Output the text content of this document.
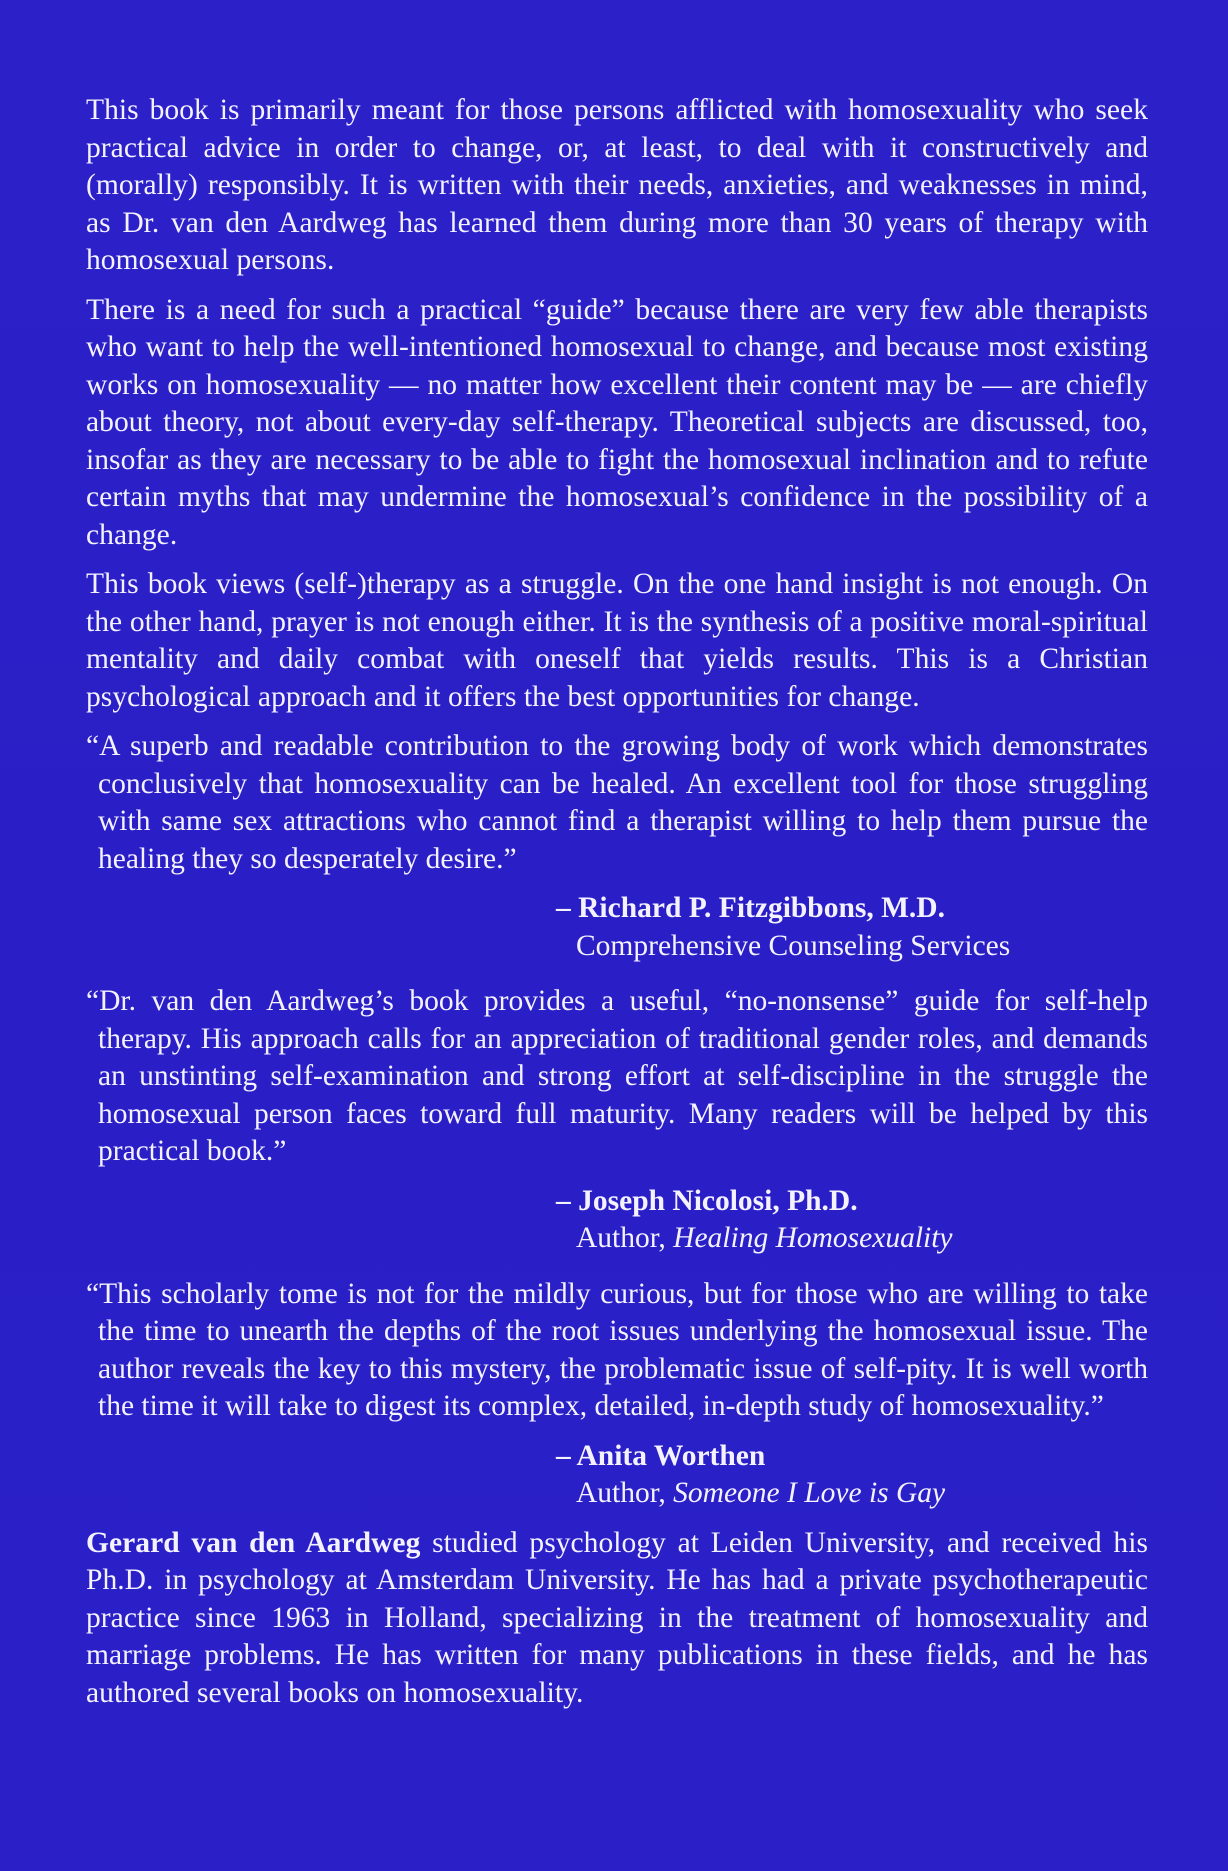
This book is primarily meant for those persons afflicted with homosexuality who seek practical advice in order to change, or, at least, to deal with it constructively and (morally) responsibly. It is written with their needs, anxieties, and weaknesses in mind, as Dr. van den Aardweg has learned them during more than 30 years of therapy with homosexual persons.

There is a need for such a practical “guide” because there are very few able therapists who want to help the well-intentioned homosexual to change, and because most existing works on homosexuality — no matter how excellent their content may be — are chiefly about theory, not about every-day self-therapy. Theoretical subjects are discussed, too, insofar as they are necessary to be able to fight the homosexual inclination and to refute certain myths that may undermine the homosexual’s confidence in the possibility of a change.

This book views (self-)therapy as a struggle. On the one hand insight is not enough. On the other hand, prayer is not enough either. It is the synthesis of a positive moral-spiritual mentality and daily combat with oneself that yields results. This is a Christian psychological approach and it offers the best opportunities for change.

“A superb and readable contribution to the growing body of work which demonstrates conclusively that homosexuality can be healed. An excellent tool for those struggling with same sex attractions who cannot find a therapist willing to help them pursue the healing they so desperately desire.”

– Richard P. Fitzgibbons, M.D.
Comprehensive Counseling Services

“Dr. van den Aardweg’s book provides a useful, “no-nonsense” guide for self-help therapy. His approach calls for an appreciation of traditional gender roles, and demands an unstinting self-examination and strong effort at self-discipline in the struggle the homosexual person faces toward full maturity. Many readers will be helped by this practical book.”

– Joseph Nicolosi, Ph.D.
Author, Healing Homosexuality

“This scholarly tome is not for the mildly curious, but for those who are willing to take the time to unearth the depths of the root issues underlying the homosexual issue. The author reveals the key to this mystery, the problematic issue of self-pity. It is well worth the time it will take to digest its complex, detailed, in-depth study of homosexuality.”

– Anita Worthen
Author, Someone I Love is Gay

Gerard van den Aardweg studied psychology at Leiden University, and received his Ph.D. in psychology at Amsterdam University. He has had a private psychotherapeutic practice since 1963 in Holland, specializing in the treatment of homosexuality and marriage problems. He has written for many publications in these fields, and he has authored several books on homosexuality.
